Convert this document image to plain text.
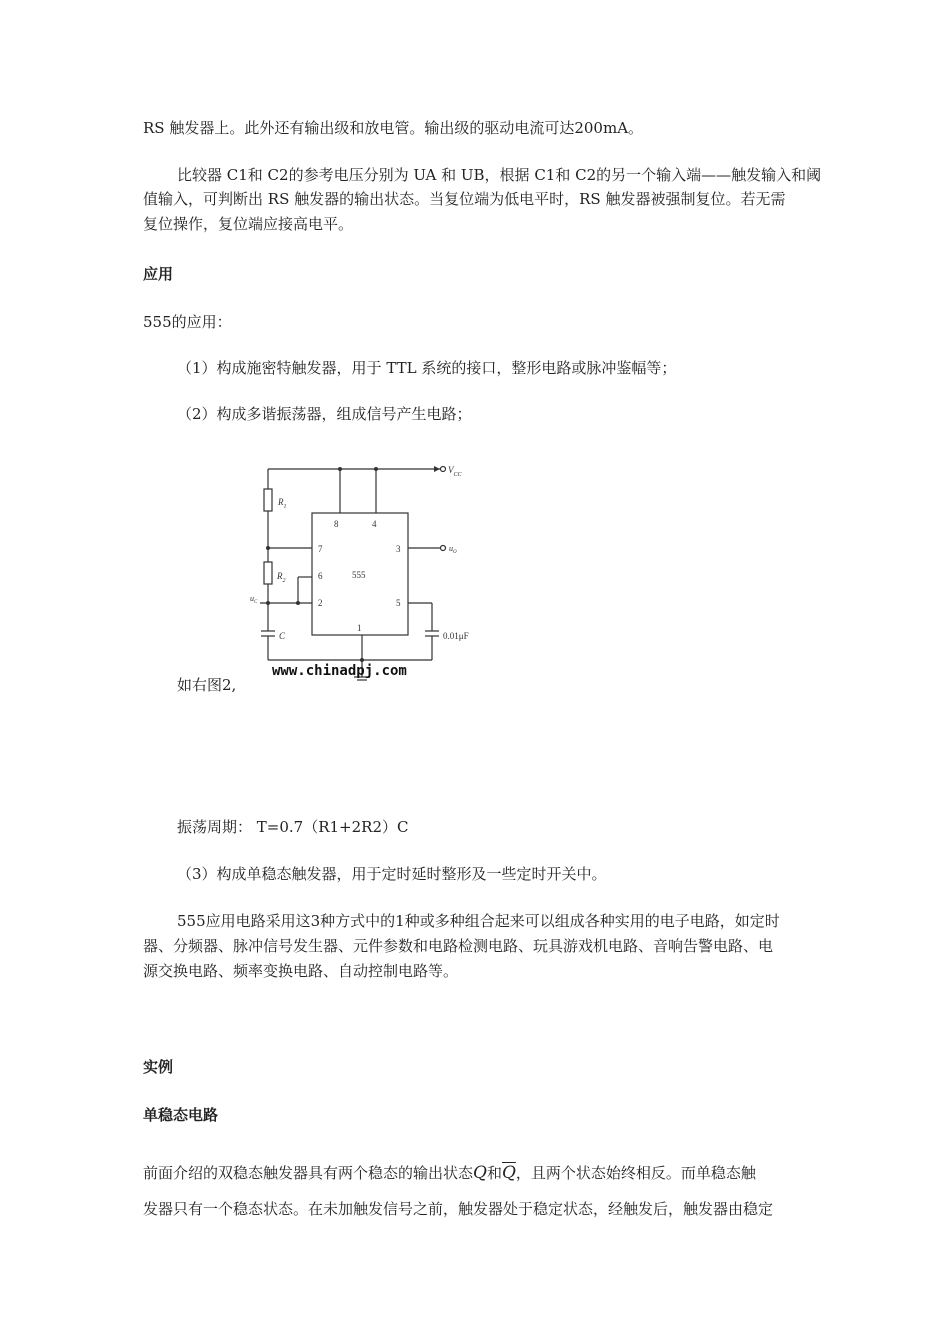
RS 触发器上。此外还有输出级和放电管。输出级的驱动电流可达200mA。
比较器 C1和 C2的参考电压分别为 UA 和 UB，根据 C1和 C2的另一个输入端——触发输入和阈
值输入，可判断出 RS 触发器的输出状态。当复位端为低电平时，RS 触发器被强制复位。若无需
复位操作，复位端应接高电平。
应用
555的应用：
（1）构成施密特触发器，用于 TTL 系统的接口，整形电路或脉冲鉴幅等；
（2）构成多谐振荡器，组成信号产生电路；
$V_{CC}$
$R_1$
$R_2$
8	4
7
6
2
3
5
1
555
$u_C$
$u_O$
C	0.01μF
www.chinadpj.com
如右图2,
振荡周期： T=0.7（R1+2R2）C
（3）构成单稳态触发器，用于定时延时整形及一些定时开关中。
555应用电路采用这3种方式中的1种或多种组合起来可以组成各种实用的电子电路，如定时
器、分频器、脉冲信号发生器、元件参数和电路检测电路、玩具游戏机电路、音响告警电路、电
源交换电路、频率变换电路、自动控制电路等。
实例
单稳态电路
前面介绍的双稳态触发器具有两个稳态的输出状态Q和$\overline{Q}$，且两个状态始终相反。而单稳态触
发器只有一个稳态状态。在未加触发信号之前，触发器处于稳定状态，经触发后，触发器由稳定
